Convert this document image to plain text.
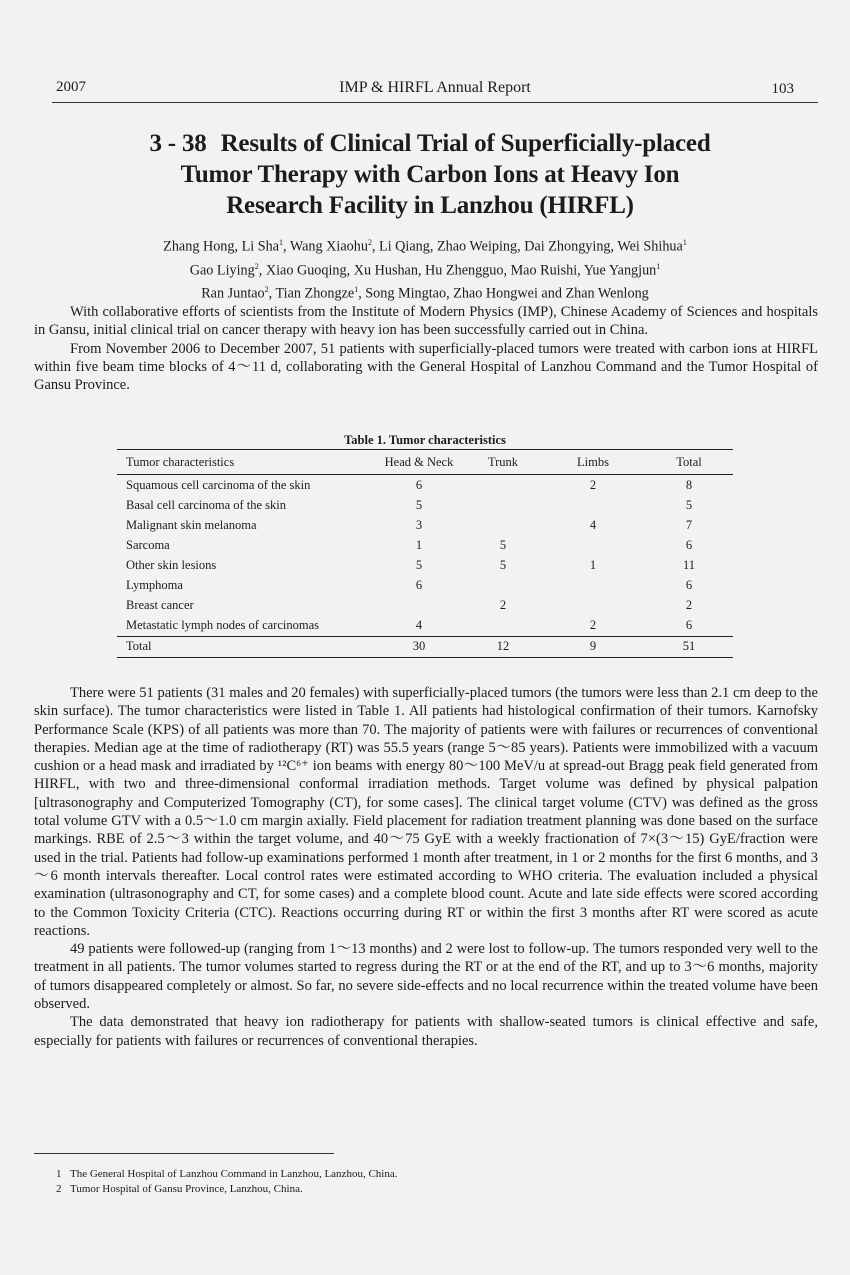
2007	IMP & HIRFL Annual Report	103
3 - 38 Results of Clinical Trial of Superficially-placed
Tumor Therapy with Carbon Ions at Heavy Ion
Research Facility in Lanzhou (HIRFL)
Zhang Hong, Li Sha$^1$, Wang Xiaohu$^2$, Li Qiang, Zhao Weiping, Dai Zhongying, Wei Shihua$^1$
Gao Liying$^2$, Xiao Guoqing, Xu Hushan, Hu Zhengguo, Mao Ruishi, Yue Yangjun$^1$
Ran Juntao$^2$, Tian Zhongze$^1$, Song Mingtao, Zhao Hongwei and Zhan Wenlong

With collaborative efforts of scientists from the Institute of Modern Physics (IMP), Chinese Academy of Sciences and hospitals in Gansu, initial clinical trial on cancer therapy with heavy ion has been successfully carried out in China.

From November 2006 to December 2007, 51 patients with superficially-placed tumors were treated with carbon ions at HIRFL within five beam time blocks of 4～11 d, collaborating with the General Hospital of Lanzhou Command and the Tumor Hospital of Gansu Province.

Table 1. Tumor characteristics
Tumor characteristics	Head & Neck	Trunk	Limbs	Total
Squamous cell carcinoma of the skin	6		2	8
Basal cell carcinoma of the skin	5			5
Malignant skin melanoma	3		4	7
Sarcoma	1	5		6
Other skin lesions	5	5	1	11
Lymphoma	6			6
Breast cancer		2		2
Metastatic lymph nodes of carcinomas	4		2	6
Total	30	12	9	51

There were 51 patients (31 males and 20 females) with superficially-placed tumors (the tumors were less than 2.1 cm deep to the skin surface). The tumor characteristics were listed in Table 1. All patients had histological confirmation of their tumors. Karnofsky Performance Scale (KPS) of all patients was more than 70. The majority of patients were with failures or recurrences of conventional therapies. Median age at the time of radiotherapy (RT) was 55.5 years (range 5～85 years). Patients were immobilized with a vacuum cushion or a head mask and irradiated by ¹²C⁶⁺ ion beams with energy 80～100 MeV/u at spread-out Bragg peak field generated from HIRFL, with two and three-dimensional conformal irradiation methods. Target volume was defined by physical palpation [ultrasonography and Computerized Tomography (CT), for some cases]. The clinical target volume (CTV) was defined as the gross total volume GTV with a 0.5～1.0 cm margin axially. Field placement for radiation treatment planning was done based on the surface markings. RBE of 2.5～3 within the target volume, and 40～75 GyE with a weekly fractionation of 7×(3～15) GyE/fraction were used in the trial. Patients had follow-up examinations performed 1 month after treatment, in 1 or 2 months for the first 6 months, and 3～6 month intervals thereafter. Local control rates were estimated according to WHO criteria. The evaluation included a physical examination (ultrasonography and CT, for some cases) and a complete blood count. Acute and late side effects were scored according to the Common Toxicity Criteria (CTC). Reactions occurring during RT or within the first 3 months after RT were scored as acute reactions.

49 patients were followed-up (ranging from 1～13 months) and 2 were lost to follow-up. The tumors responded very well to the treatment in all patients. The tumor volumes started to regress during the RT or at the end of the RT, and up to 3～6 months, majority of tumors disappeared completely or almost. So far, no severe side-effects and no local recurrence within the treated volume have been observed.

The data demonstrated that heavy ion radiotherapy for patients with shallow-seated tumors is clinical effective and safe, especially for patients with failures or recurrences of conventional therapies.

1 The General Hospital of Lanzhou Command in Lanzhou, Lanzhou, China.
2 Tumor Hospital of Gansu Province, Lanzhou, China.
